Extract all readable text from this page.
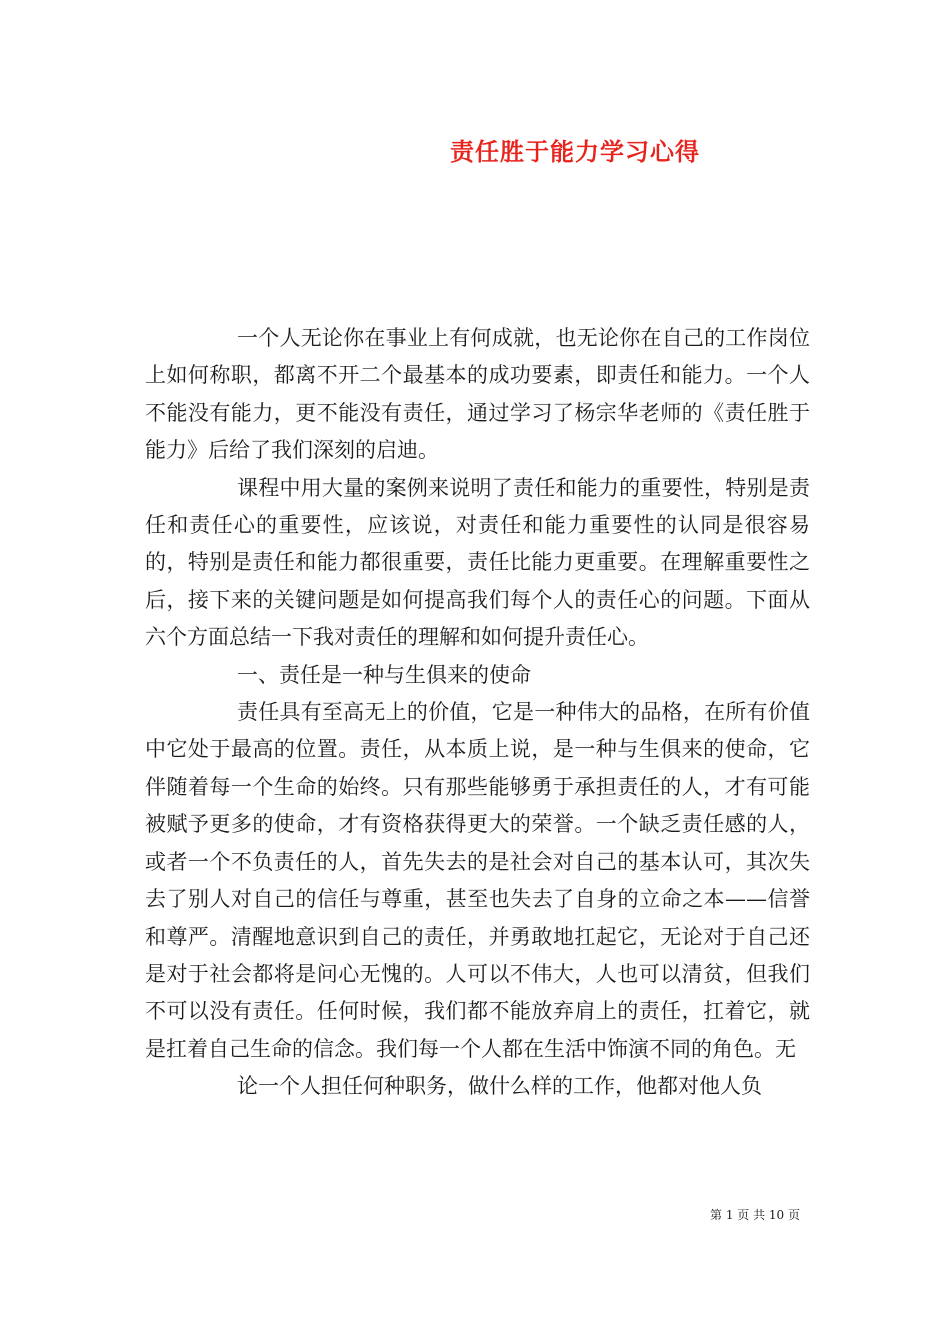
责任胜于能力学习心得

一个人无论你在事业上有何成就，也无论你在自己的工作岗位上如何称职，都离不开二个最基本的成功要素，即责任和能力。一个人不能没有能力，更不能没有责任，通过学习了杨宗华老师的《责任胜于能力》后给了我们深刻的启迪。

课程中用大量的案例来说明了责任和能力的重要性，特别是责任和责任心的重要性，应该说，对责任和能力重要性的认同是很容易的，特别是责任和能力都很重要，责任比能力更重要。在理解重要性之后，接下来的关键问题是如何提高我们每个人的责任心的问题。下面从六个方面总结一下我对责任的理解和如何提升责任心。

一、责任是一种与生俱来的使命

责任具有至高无上的价值，它是一种伟大的品格，在所有价值中它处于最高的位置。责任，从本质上说，是一种与生俱来的使命，它伴随着每一个生命的始终。只有那些能够勇于承担责任的人，才有可能被赋予更多的使命，才有资格获得更大的荣誉。一个缺乏责任感的人，或者一个不负责任的人，首先失去的是社会对自己的基本认可，其次失去了别人对自己的信任与尊重，甚至也失去了自身的立命之本——信誉和尊严。清醒地意识到自己的责任，并勇敢地扛起它，无论对于自己还是对于社会都将是问心无愧的。人可以不伟大，人也可以清贫，但我们不可以没有责任。任何时候，我们都不能放弃肩上的责任，扛着它，就是扛着自己生命的信念。我们每一个人都在生活中饰演不同的角色。无

论一个人担任何种职务，做什么样的工作，他都对他人负

第 1 页 共 10 页
